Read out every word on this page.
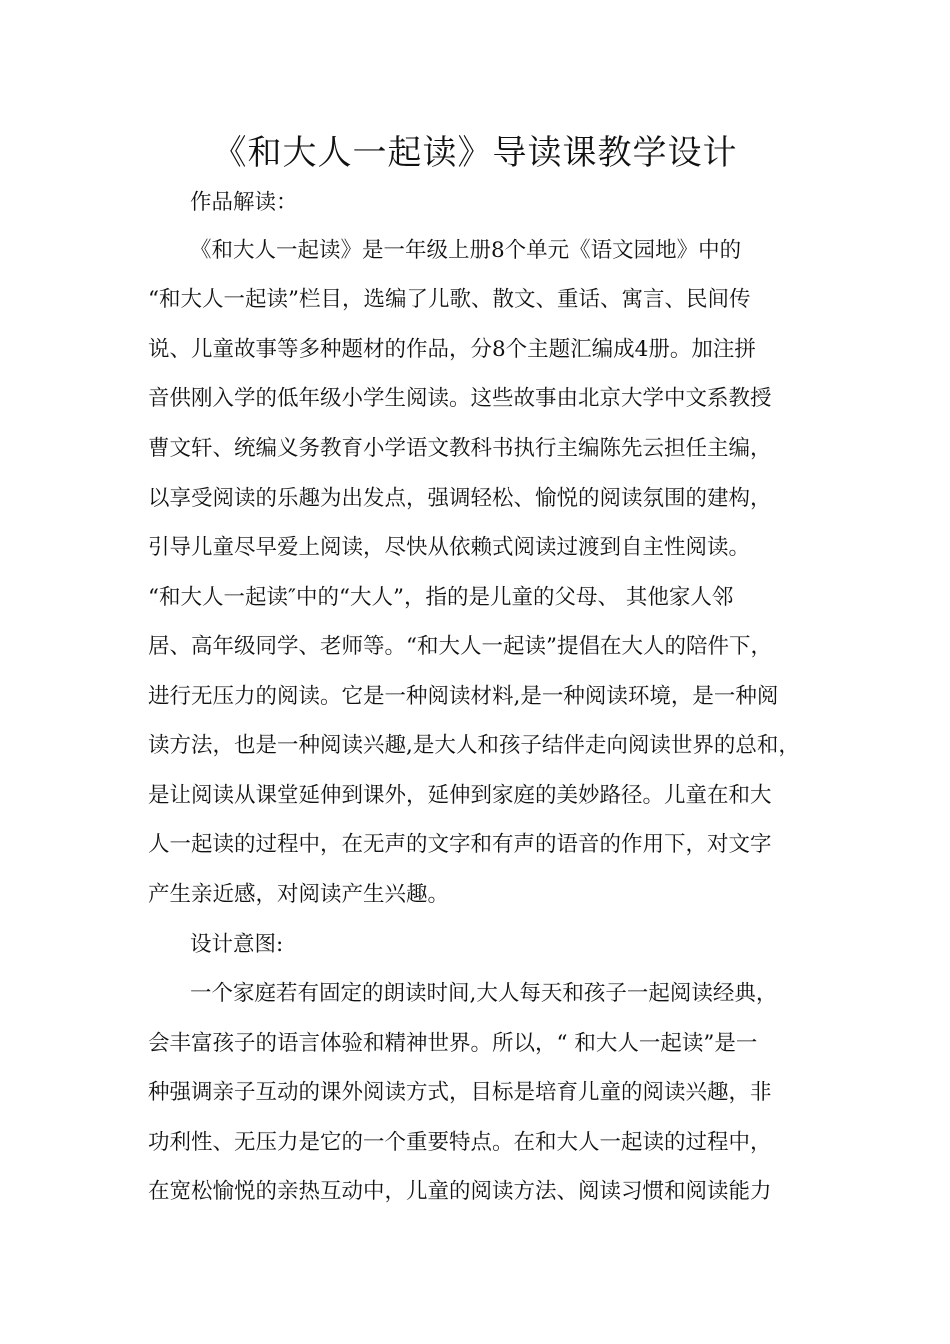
《和大人一起读》导读课教学设计
作品解读：
《和大人一起读》是一年级上册8个单元《语文园地》中的
“和大人一起读”栏目，选编了儿歌、散文、重话、寓言、民间传
说、儿童故事等多种题材的作品，分8个主题汇编成4册。加注拼
音供刚入学的低年级小学生阅读。这些故事由北京大学中文系教授
曹文轩、统编义务教育小学语文教科书执行主编陈先云担任主编，
以享受阅读的乐趣为出发点，强调轻松、愉悦的阅读氛围的建构，
引导儿童尽早爱上阅读，尽快从依赖式阅读过渡到自主性阅读。
“和大人一起读″中的“大人”，指的是儿童的父母、 其他家人邻
居、高年级同学、老师等。“和大人一起读”提倡在大人的陪件下，
进行无压力的阅读。它是一种阅读材料,是一种阅读环境，是一种阅
读方法，也是一种阅读兴趣,是大人和孩子结伴走向阅读世界的总和，
是让阅读从课堂延伸到课外，延伸到家庭的美妙路径。儿童在和大
人一起读的过程中，在无声的文字和有声的语音的作用下，对文字
产生亲近感，对阅读产生兴趣。
设计意图:
一个家庭若有固定的朗读时间,大人每天和孩子一起阅读经典，
会丰富孩子的语言体验和精神世界。所以，“ 和大人一起读”是一
种强调亲子互动的课外阅读方式，目标是培育儿童的阅读兴趣，非
功利性、无压力是它的一个重要特点。在和大人一起读的过程中，
在宽松愉悦的亲热互动中，儿童的阅读方法、阅读习惯和阅读能力
